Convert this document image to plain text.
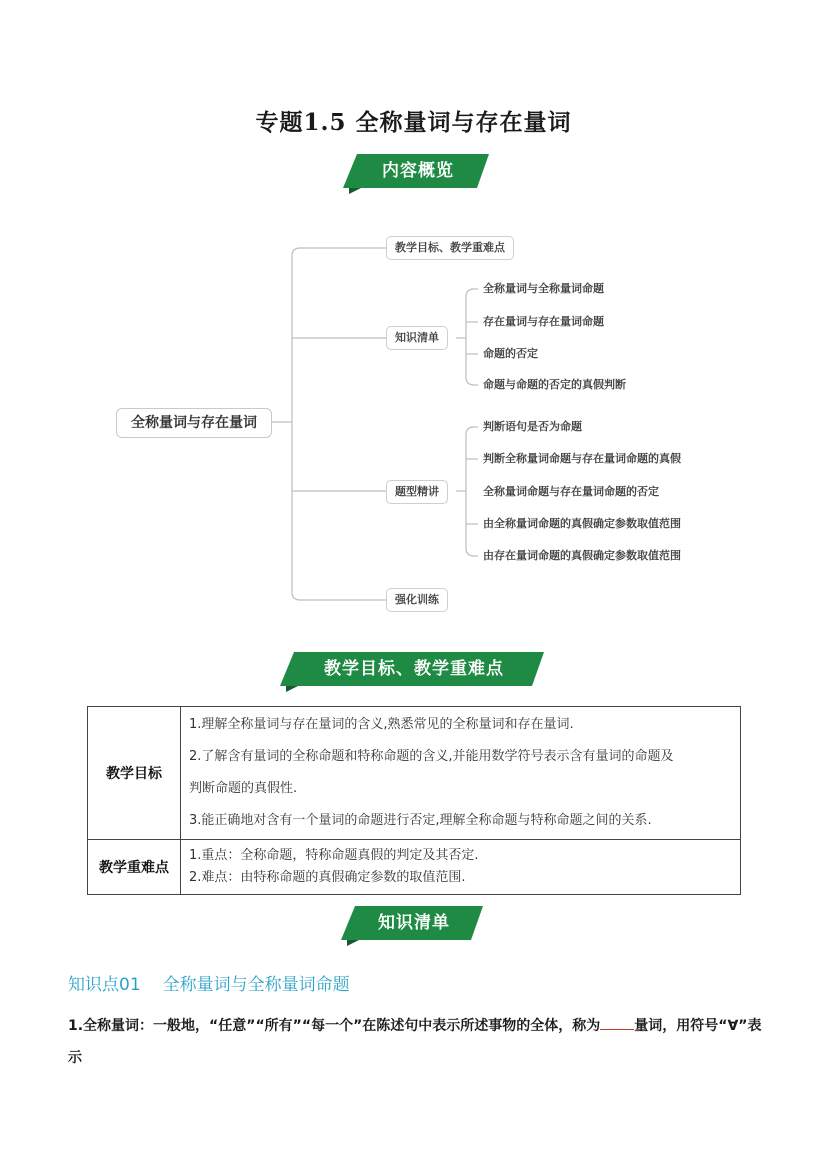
专题1.5 全称量词与存在量词
内容概览
全称量词与存在量词
教学目标、教学重难点
知识清单
题型精讲
强化训练
全称量词与全称量词命题
存在量词与存在量词命题
命题的否定
命题与命题的否定的真假判断
判断语句是否为命题
判断全称量词命题与存在量词命题的真假
全称量词命题与存在量词命题的否定
由全称量词命题的真假确定参数取值范围
由存在量词命题的真假确定参数取值范围
教学目标、教学重难点
教学目标	1.理解全称量词与存在量词的含义,熟悉常见的全称量词和存在量词.
2.了解含有量词的全称命题和特称命题的含义,并能用数学符号表示含有量词的命题及
判断命题的真假性.
3.能正确地对含有一个量词的命题进行否定,理解全称命题与特称命题之间的关系.

教学重难点	1.重点：全称命题，特称命题真假的判定及其否定.
2.难点：由特称命题的真假确定参数的取值范围.
知识清单
知识点01 全称量词与全称量词命题
1.全称量词：一般地，“任意”“所有”“每一个”在陈述句中表示所述事物的全体，称为 量词，用符号“∀”表示
